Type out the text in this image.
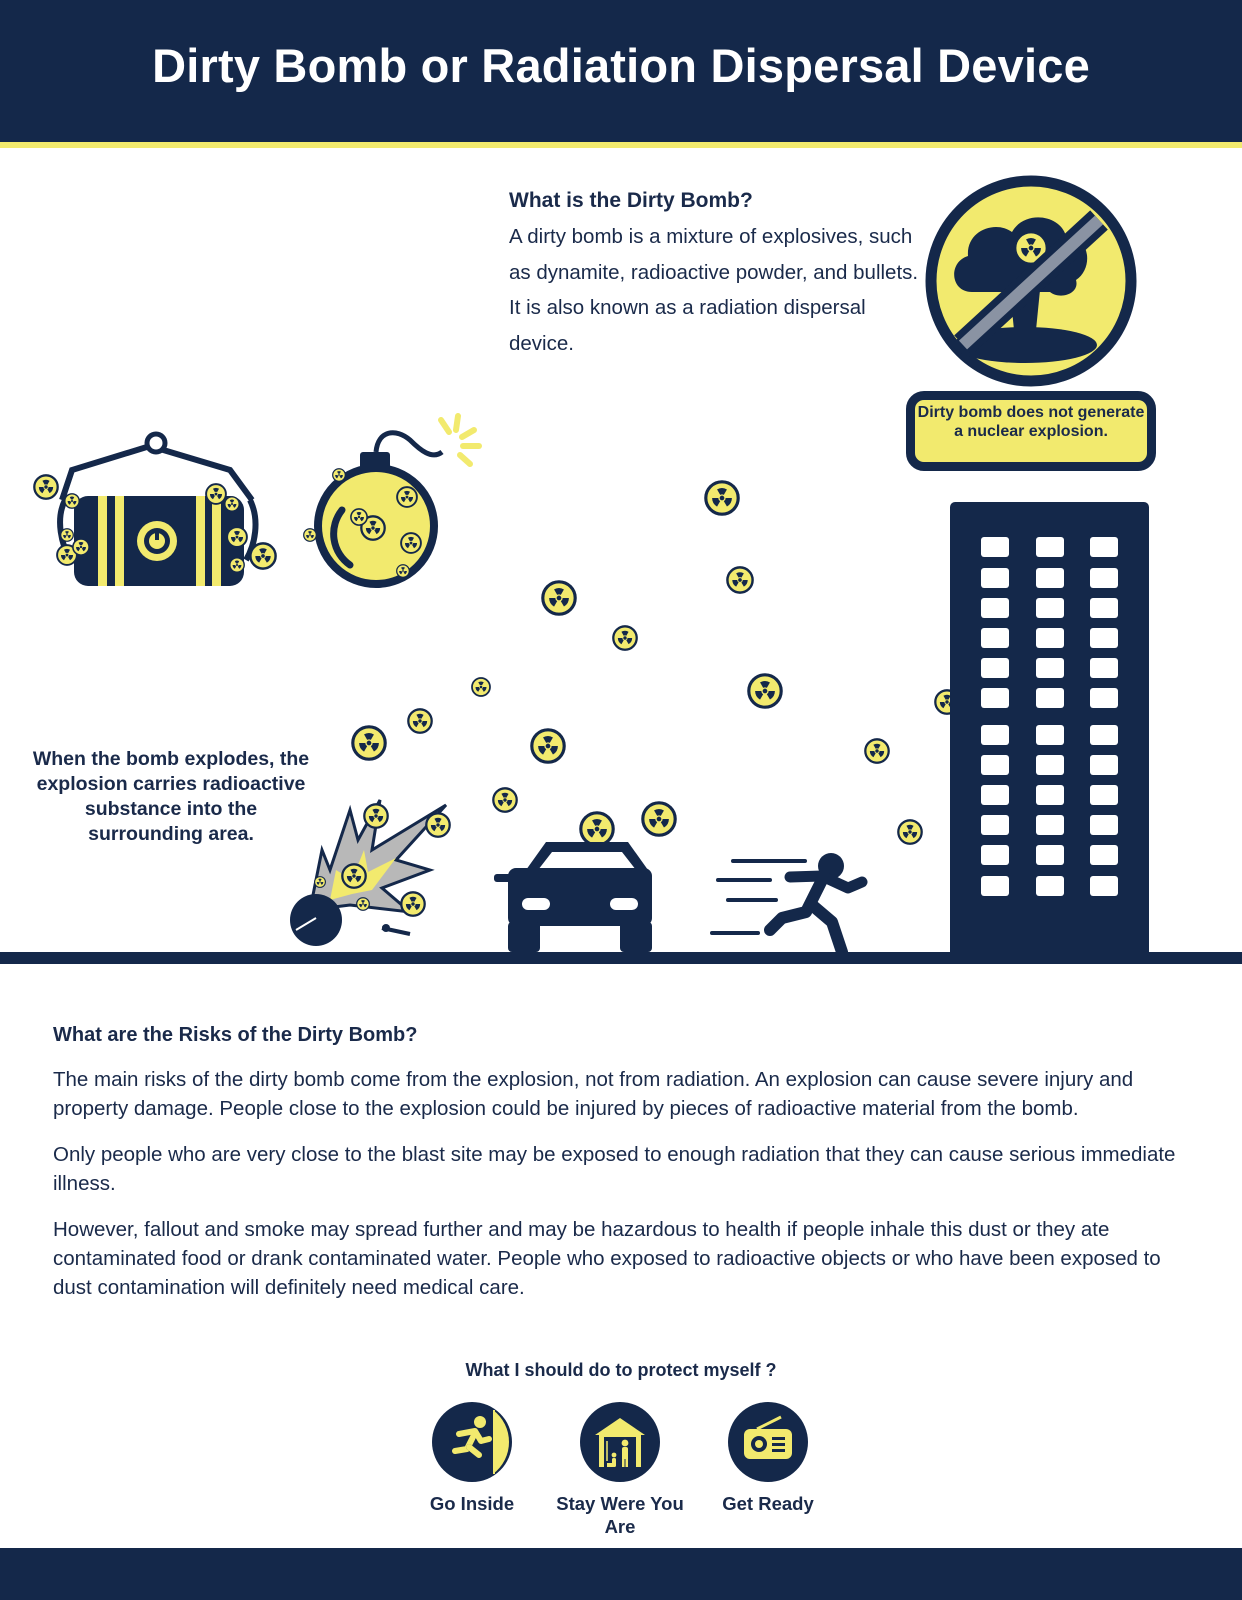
Dirty Bomb or Radiation Dispersal Device
What is the Dirty Bomb?

A dirty bomb is a mixture of explosives, such as dynamite, radioactive powder, and bullets. It is also known as a radiation dispersal device.

Dirty bomb does not generate a nuclear explosion.
When the bomb explodes, the explosion carries radioactive substance into the surrounding area.
What are the Risks of the Dirty Bomb?

The main risks of the dirty bomb come from the explosion, not from radiation. An explosion can cause severe injury and property damage. People close to the explosion could be injured by pieces of radioactive material from the bomb.

Only people who are very close to the blast site may be exposed to enough radiation that they can cause serious immediate illness.

However, fallout and smoke may spread further and may be hazardous to health if people inhale this dust or they ate contaminated food or drank contaminated water. People who exposed to radioactive objects or who have been exposed to dust contamination will definitely need medical care.

What I should do to protect myself ?
Go Inside	Stay Were You Are
Get Ready
